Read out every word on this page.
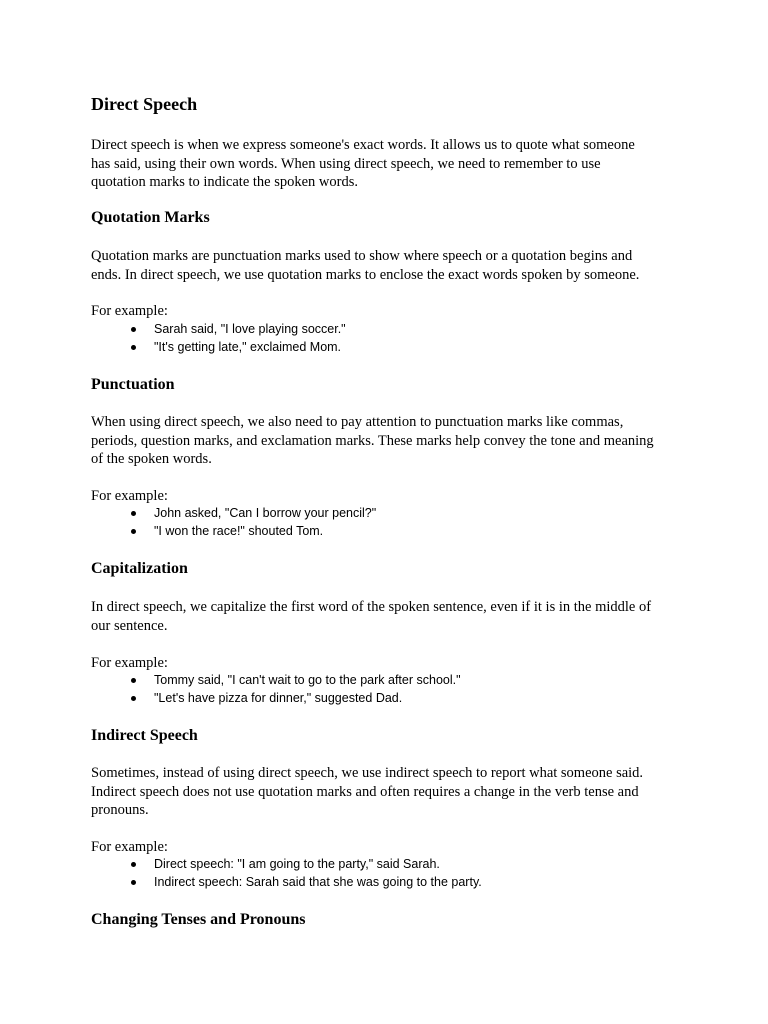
Direct Speech
Direct speech is when we express someone's exact words. It allows us to quote what someone
has said, using their own words. When using direct speech, we need to remember to use
quotation marks to indicate the spoken words.
Quotation Marks
Quotation marks are punctuation marks used to show where speech or a quotation begins and
ends. In direct speech, we use quotation marks to enclose the exact words spoken by someone.
For example:
Sarah said, "I love playing soccer."
"It's getting late," exclaimed Mom.
Punctuation
When using direct speech, we also need to pay attention to punctuation marks like commas,
periods, question marks, and exclamation marks. These marks help convey the tone and meaning
of the spoken words.
For example:
John asked, "Can I borrow your pencil?"
"I won the race!" shouted Tom.
Capitalization
In direct speech, we capitalize the first word of the spoken sentence, even if it is in the middle of
our sentence.
For example:
Tommy said, "I can't wait to go to the park after school."
"Let's have pizza for dinner," suggested Dad.
Indirect Speech
Sometimes, instead of using direct speech, we use indirect speech to report what someone said.
Indirect speech does not use quotation marks and often requires a change in the verb tense and
pronouns.
For example:
Direct speech: "I am going to the party," said Sarah.
Indirect speech: Sarah said that she was going to the party.
Changing Tenses and Pronouns
